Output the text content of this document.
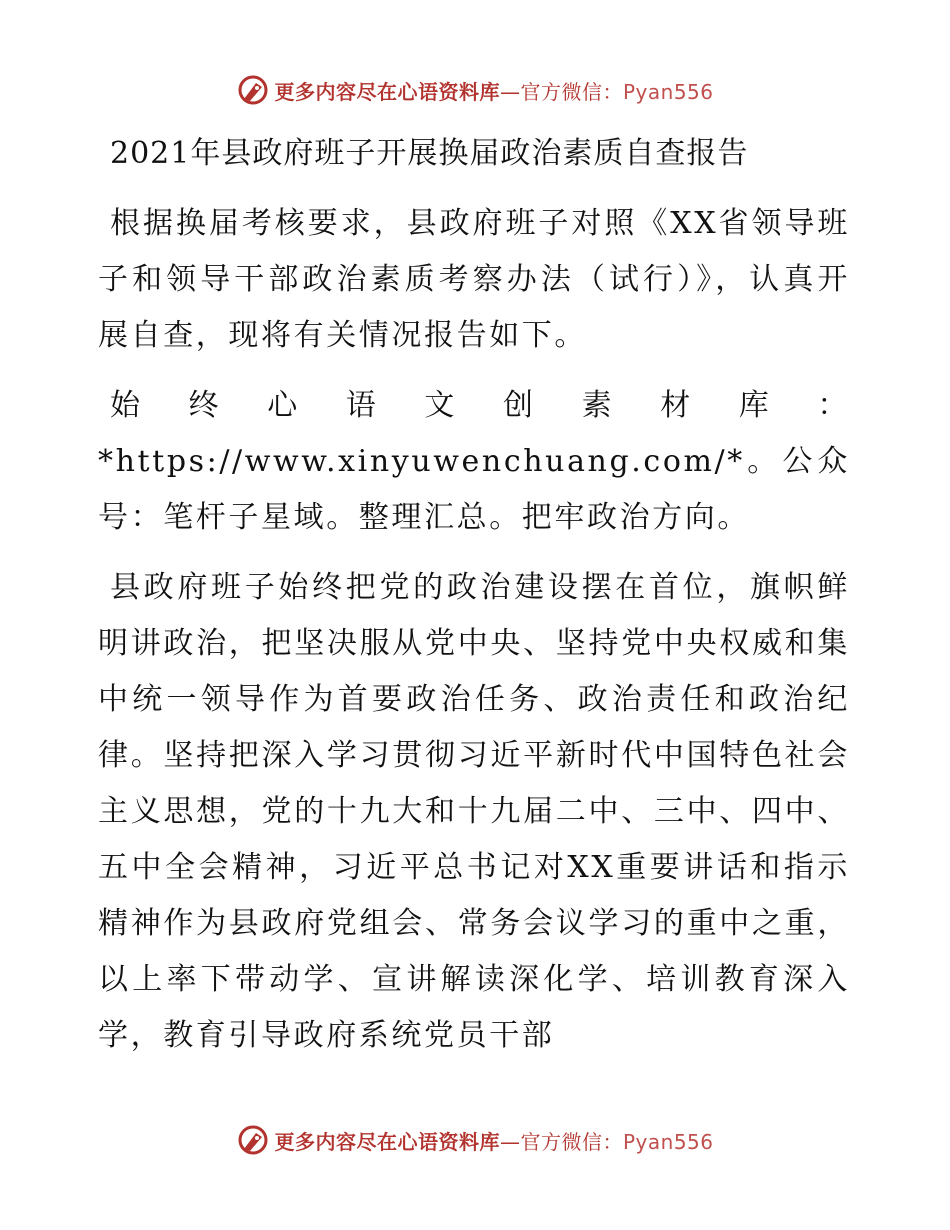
更多内容尽在心语资料库—官方微信：Pyan556
2021年县政府班子开展换届政治素质自查报告

根据换届考核要求，县政府班子对照《XX省领导班子和领导干部政治素质考察办法（试行）》，认真开展自查，现将有关情况报告如下。

始终心语文创素材库：*https://www.xinyuwenchuang.com/*。公众号：笔杆子星域。整理汇总。把牢政治方向。

县政府班子始终把党的政治建设摆在首位，旗帜鲜明讲政治，把坚决服从党中央、坚持党中央权威和集中统一领导作为首要政治任务、政治责任和政治纪律。坚持把深入学习贯彻习近平新时代中国特色社会主义思想，党的十九大和十九届二中、三中、四中、五中全会精神，习近平总书记对XX重要讲话和指示精神作为县政府党组会、常务会议学习的重中之重，以上率下带动学、宣讲解读深化学、培训教育深入学，教育引导政府系统党员干部

更多内容尽在心语资料库—官方微信：Pyan556
